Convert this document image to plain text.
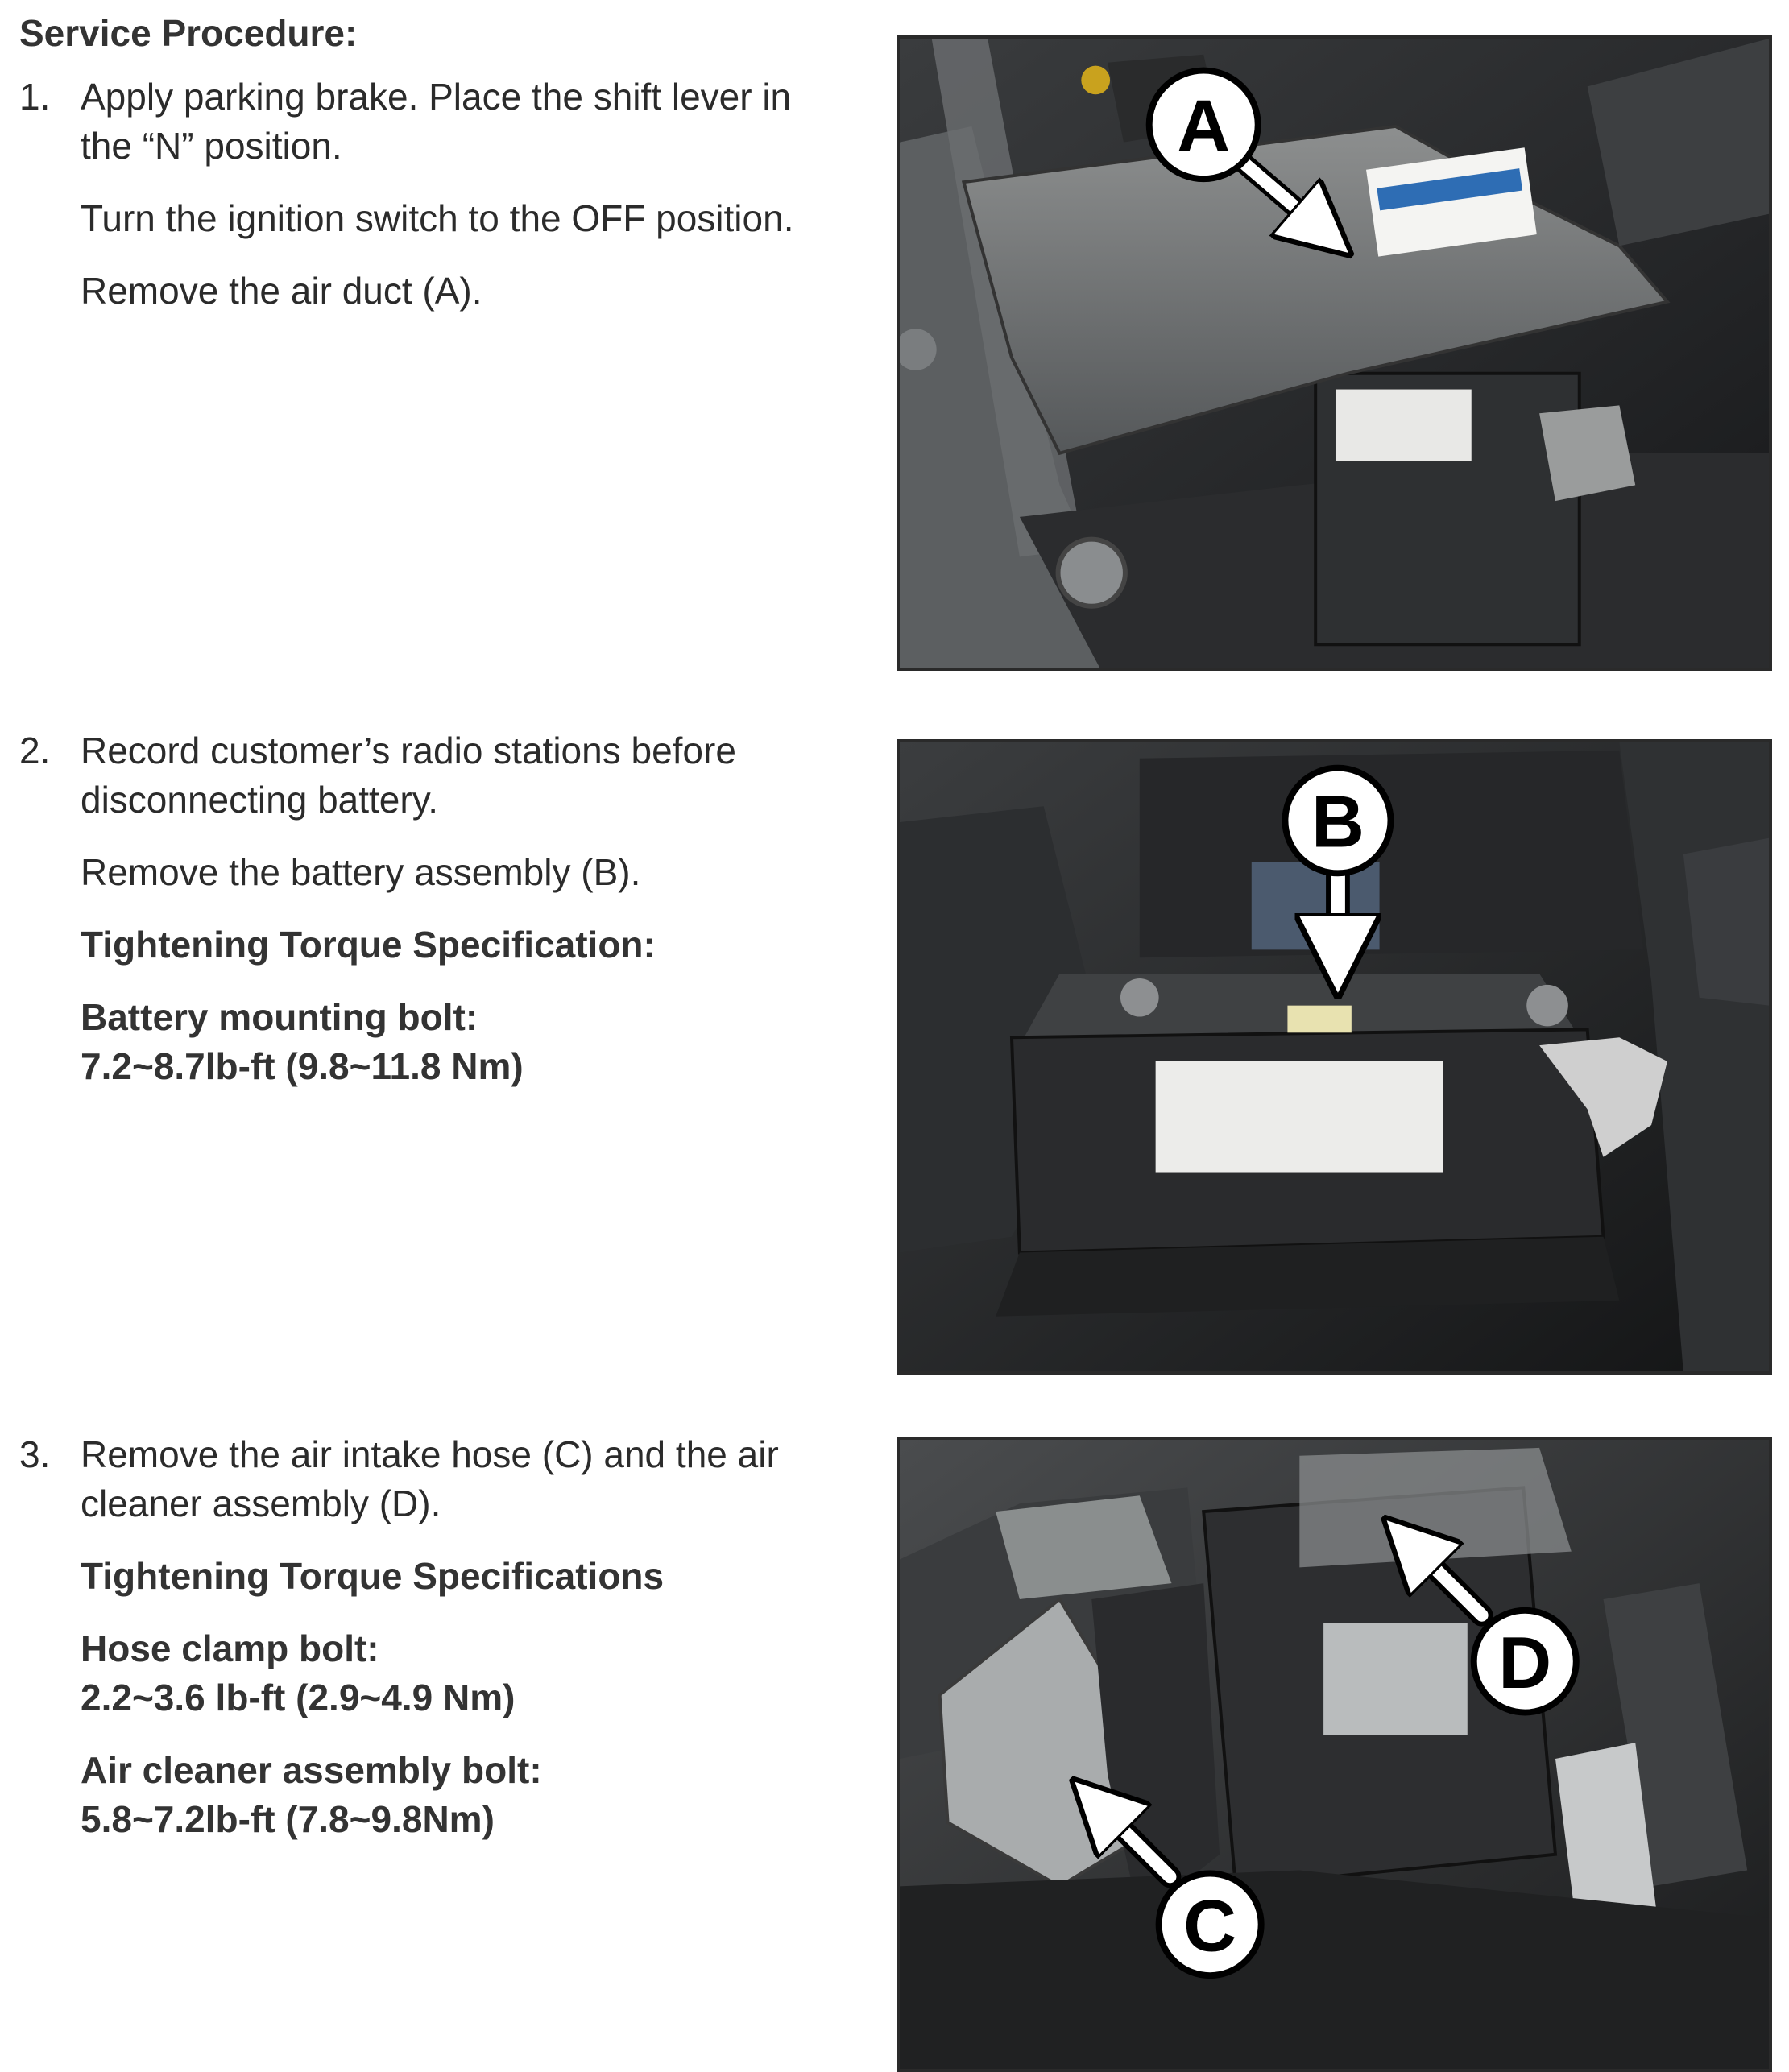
Service Procedure:
1. Apply parking brake. Place the shift lever in the “N” position.

Turn the ignition switch to the OFF position.

Remove the air duct (A).

2. Record customer’s radio stations before disconnecting battery.

Remove the battery assembly (B).

Tightening Torque Specification:

Battery mounting bolt:

7.2~8.7lb-ft (9.8~11.8 Nm)

3. Remove the air intake hose (C) and the air cleaner assembly (D).

Tightening Torque Specifications

Hose clamp bolt:

2.2~3.6 lb-ft (2.9~4.9 Nm)

Air cleaner assembly bolt:

5.8~7.2lb-ft (7.8~9.8Nm)

A
B
D
C
